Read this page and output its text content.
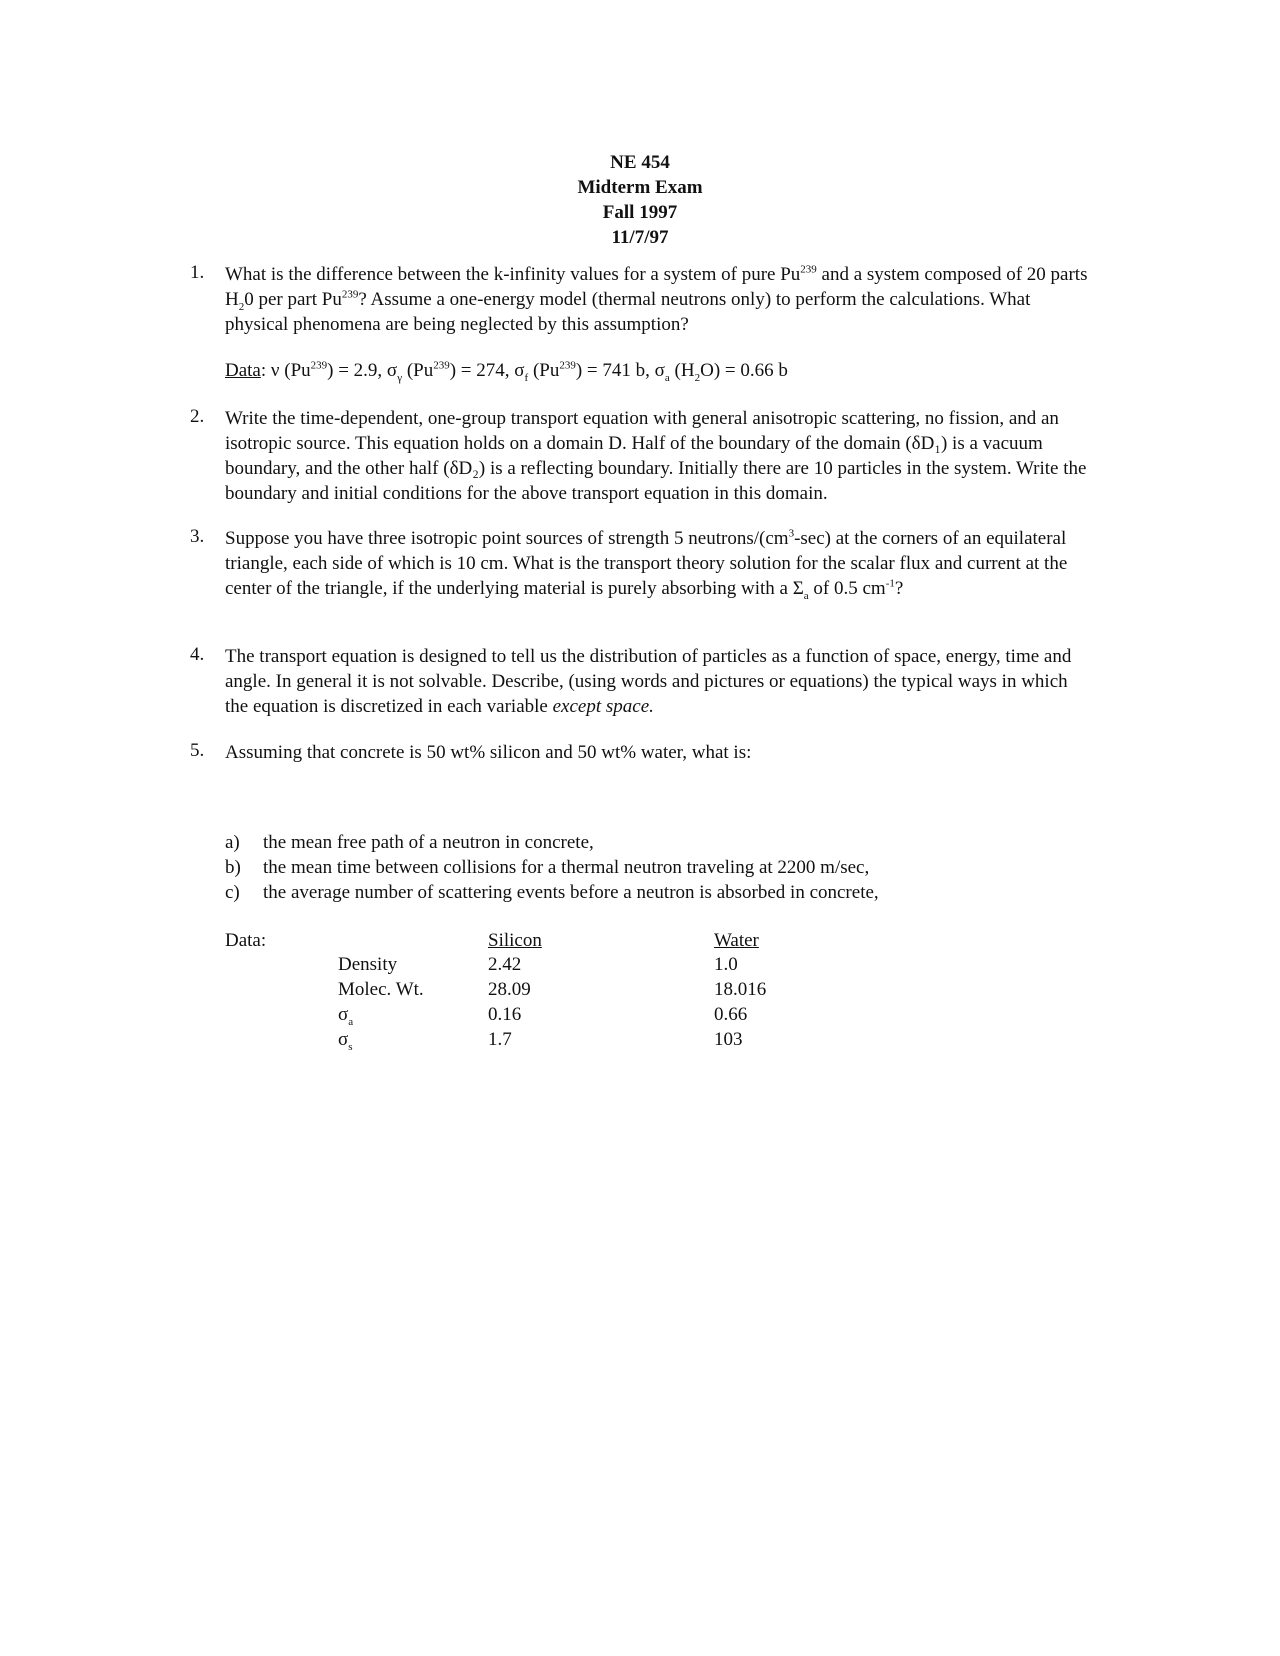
NE 454
Midterm Exam
Fall 1997
11/7/97
1. What is the difference between the k-infinity values for a system of pure Pu$^{239}$ and a system composed of 20 parts $H_20$ per part Pu$^{239}$? Assume a one-energy model (thermal neutrons only) to perform the calculations. What physical phenomena are being neglected by this assumption?
Data: ν $(Pu^{239}) = 2.9$, $\sigma_\gamma$ $(Pu^{239}) = 274$, $\sigma_f$ $(Pu^{239}) = 741$ b, $\sigma_a$ $(H_2O) = 0.66$ b
2. Write the time-dependent, one-group transport equation with general anisotropic scattering, no fission, and an isotropic source. This equation holds on a domain D. Half of the boundary of the domain (δD₁) is a vacuum boundary, and the other half (δD₂) is a reflecting boundary. Initially there are 10 particles in the system. Write the boundary and initial conditions for the above transport equation in this domain.
3. Suppose you have three isotropic point sources of strength 5 neutrons/$(cm^3-\sec)$ at the corners of an equilateral triangle, each side of which is 10 cm. What is the transport theory solution for the scalar flux and current at the center of the triangle, if the underlying material is purely absorbing with a $\Sigma_a$ of 0.5 $cm^{-1}$?
4. The transport equation is designed to tell us the distribution of particles as a function of space, energy, time and angle. In general it is not solvable. Describe, (using words and pictures or equations) the typical ways in which the equation is discretized in each variable except space.
5. Assuming that concrete is 50 wt% silicon and 50 wt% water, what is:
a)	the mean free path of a neutron in concrete,
b)	the mean time between collisions for a thermal neutron traveling at 2200 m/sec,
c)	the average number of scattering events before a neutron is absorbed in concrete,
Data:	Silicon	Water
Density	2.42	1.0
Molec. Wt.	28.09	18.016
$\sigma_a$	0.16	0.66
$\sigma_s$	1.7	103
